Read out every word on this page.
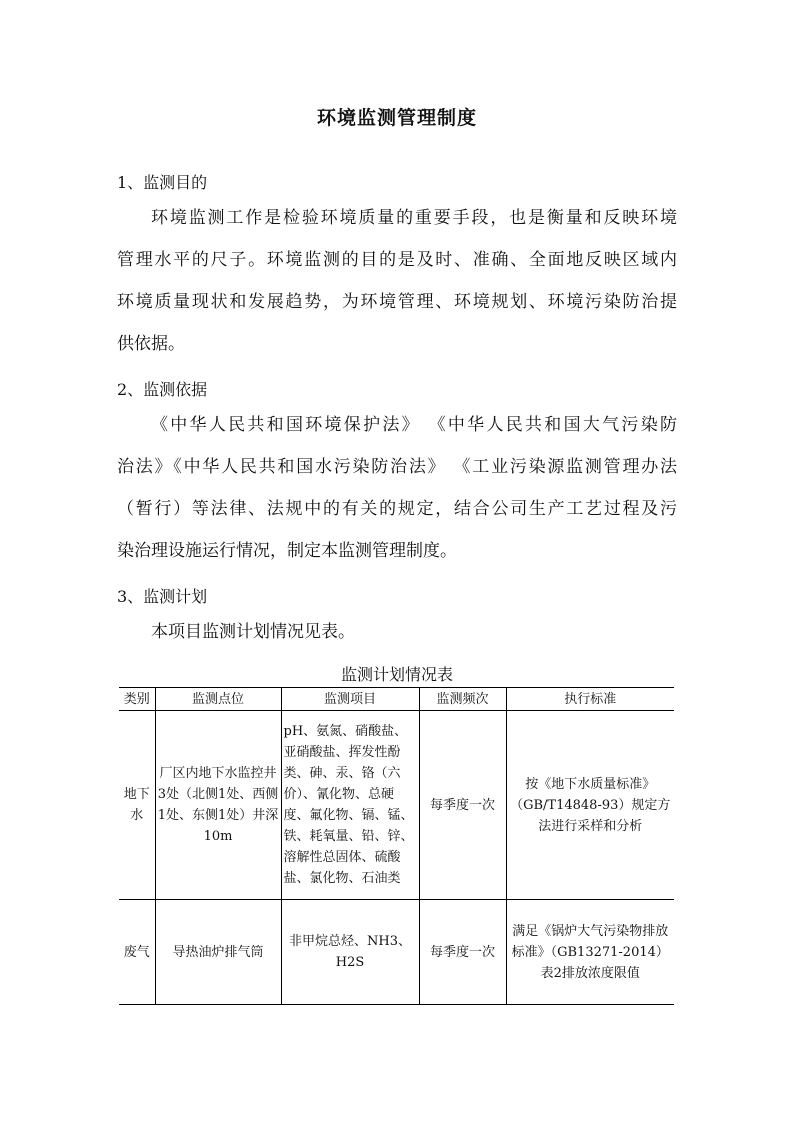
环境监测管理制度
1、监测目的
环境监测工作是检验环境质量的重要手段，也是衡量和反映环境
管理水平的尺子。环境监测的目的是及时、准确、全面地反映区域内
环境质量现状和发展趋势，为环境管理、环境规划、环境污染防治提
供依据。
2、监测依据
《中华人民共和国环境保护法》 《中华人民共和国大气污染防
治法》《中华人民共和国水污染防治法》 《工业污染源监测管理办法
（暂行）等法律、法规中的有关的规定，结合公司生产工艺过程及污
染治理设施运行情况，制定本监测管理制度。
3、监测计划
本项目监测计划情况见表。
监测计划情况表
类别	监测点位	监测项目	监测频次	执行标准
地下水	厂区内地下水监控井3处（北侧1处、西侧1处、东侧1处）井深10m	pH、氨氮、硝酸盐、亚硝酸盐、挥发性酚类、砷、汞、铬（六价）、氰化物、总硬度、氟化物、镉、锰、铁、耗氧量、铅、锌、溶解性总固体、硫酸盐、氯化物、石油类	每季度一次	按《地下水质量标准》（GB/T14848-93）规定方法进行采样和分析
废气	导热油炉排气筒	非甲烷总烃、NH3、H2S	每季度一次	满足《锅炉大气污染物排放标准》（GB13271-2014）表2排放浓度限值
